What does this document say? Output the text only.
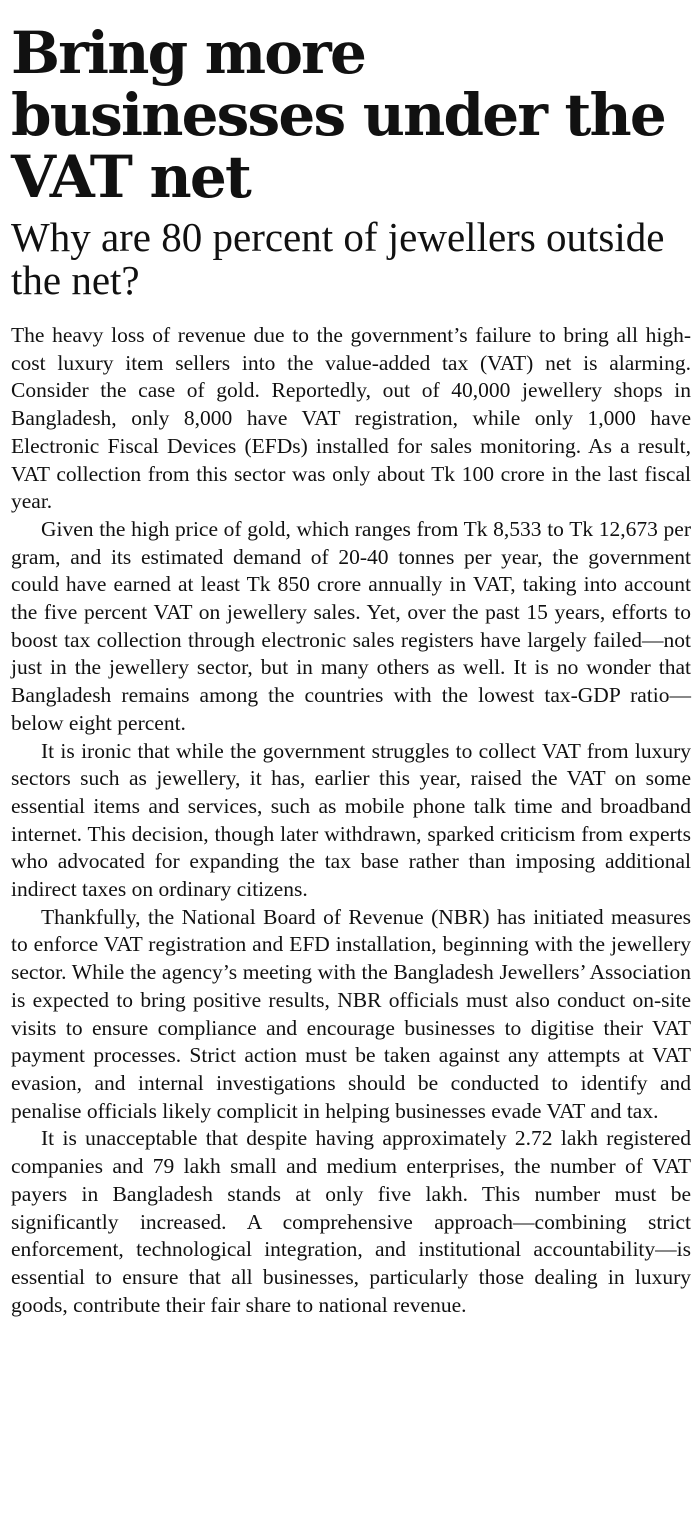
Bring more businesses under the VAT net
Why are 80 percent of jewellers outside the net?

The heavy loss of revenue due to the government’s failure to bring all high-cost luxury item sellers into the value-added tax (VAT) net is alarming. Consider the case of gold. Reportedly, out of 40,000 jewellery shops in Bangladesh, only 8,000 have VAT registration, while only 1,000 have Electronic Fiscal Devices (EFDs) installed for sales monitoring. As a result, VAT collection from this sector was only about Tk 100 crore in the last fiscal year.

Given the high price of gold, which ranges from Tk 8,533 to Tk 12,673 per gram, and its estimated demand of 20-40 tonnes per year, the government could have earned at least Tk 850 crore annually in VAT, taking into account the five percent VAT on jewellery sales. Yet, over the past 15 years, efforts to boost tax collection through electronic sales registers have largely failed—not just in the jewellery sector, but in many others as well. It is no wonder that Bangladesh remains among the countries with the lowest tax-GDP ratio—below eight percent.

It is ironic that while the government struggles to collect VAT from luxury sectors such as jewellery, it has, earlier this year, raised the VAT on some essential items and services, such as mobile phone talk time and broadband internet. This decision, though later withdrawn, sparked criticism from experts who advocated for expanding the tax base rather than imposing additional indirect taxes on ordinary citizens.

Thankfully, the National Board of Revenue (NBR) has initiated measures to enforce VAT registration and EFD installation, beginning with the jewellery sector. While the agency’s meeting with the Bangladesh Jewellers’ Association is expected to bring positive results, NBR officials must also conduct on-site visits to ensure compliance and encourage businesses to digitise their VAT payment processes. Strict action must be taken against any attempts at VAT evasion, and internal investigations should be conducted to identify and penalise officials likely complicit in helping businesses evade VAT and tax.

It is unacceptable that despite having approximately 2.72 lakh registered companies and 79 lakh small and medium enterprises, the number of VAT payers in Bangladesh stands at only five lakh. This number must be significantly increased. A comprehensive approach—combining strict enforcement, technological integration, and institutional accountability—is essential to ensure that all businesses, particularly those dealing in luxury goods, contribute their fair share to national revenue.
